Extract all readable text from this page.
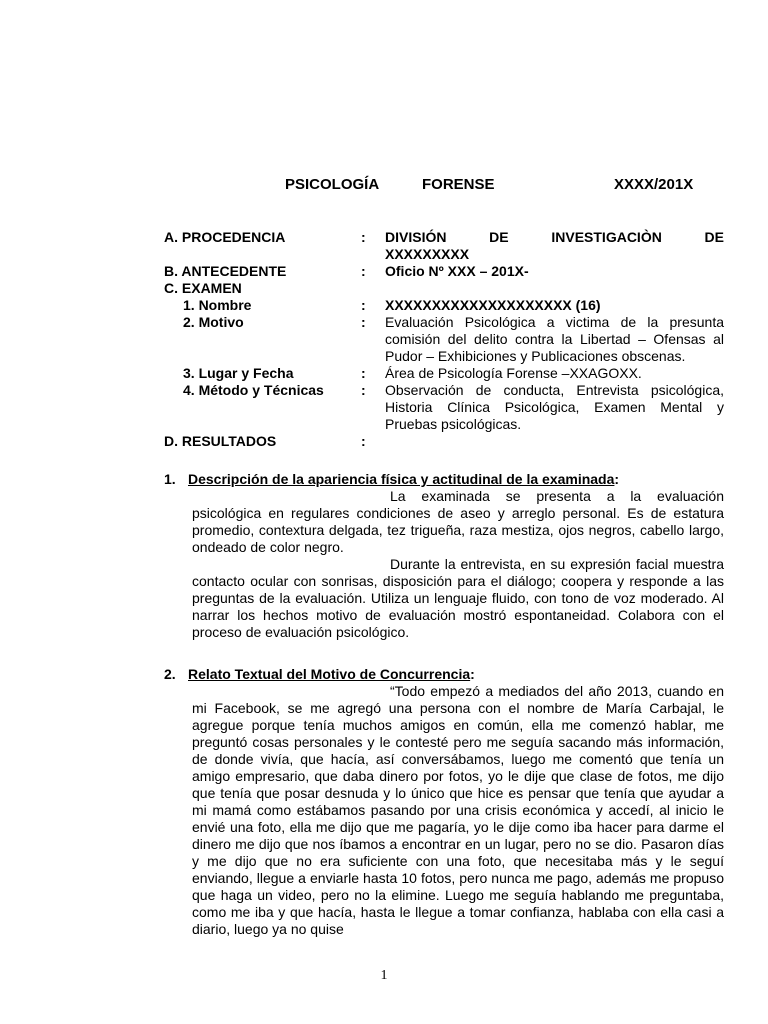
PSICOLOGÍA	FORENSE	XXXX/201X
A. PROCEDENCIA	:	DIVISIÓN DE INVESTIGACIÒN DE
XXXXXXXXX
B. ANTECEDENTE	:	Oficio Nº XXX – 201X-
C. EXAMEN
1. Nombre	:	XXXXXXXXXXXXXXXXXXXX (16)
2. Motivo	:	Evaluación Psicológica a victima de la presunta comisión del delito contra la Libertad – Ofensas al Pudor – Exhibiciones y Publicaciones obscenas.
3. Lugar y Fecha	:	Área de Psicología Forense –XXAGOXX.
4. Método y Técnicas	:	Observación de conducta, Entrevista psicológica, Historia Clínica Psicológica, Examen Mental y Pruebas psicológicas.
D. RESULTADOS	:
1. Descripción de la apariencia física y actitudinal de la examinada:

La examinada se presenta a la evaluación psicológica en regulares condiciones de aseo y arreglo personal. Es de estatura promedio, contextura delgada, tez trigueña, raza mestiza, ojos negros, cabello largo, ondeado de color negro.

Durante la entrevista, en su expresión facial muestra contacto ocular con sonrisas, disposición para el diálogo; coopera y responde a las preguntas de la evaluación. Utiliza un lenguaje fluido, con tono de voz moderado. Al narrar los hechos motivo de evaluación mostró espontaneidad. Colabora con el proceso de evaluación psicológico.

2. Relato Textual del Motivo de Concurrencia:

“Todo empezó a mediados del año 2013, cuando en mi Facebook, se me agregó una persona con el nombre de María Carbajal, le agregue porque tenía muchos amigos en común, ella me comenzó hablar, me preguntó cosas personales y le contesté pero me seguía sacando más información, de donde vivía, que hacía, así conversábamos, luego me comentó que tenía un amigo empresario, que daba dinero por fotos, yo le dije que clase de fotos, me dijo que tenía que posar desnuda y lo único que hice es pensar que tenía que ayudar a mi mamá como estábamos pasando por una crisis económica y accedí, al inicio le envié una foto, ella me dijo que me pagaría, yo le dije como iba hacer para darme el dinero me dijo que nos íbamos a encontrar en un lugar, pero no se dio. Pasaron días y me dijo que no era suficiente con una foto, que necesitaba más y le seguí enviando, llegue a enviarle hasta 10 fotos, pero nunca me pago, además me propuso que haga un video, pero no la elimine. Luego me seguía hablando me preguntaba, como me iba y que hacía, hasta le llegue a tomar confianza, hablaba con ella casi a diario, luego ya no quise

1
